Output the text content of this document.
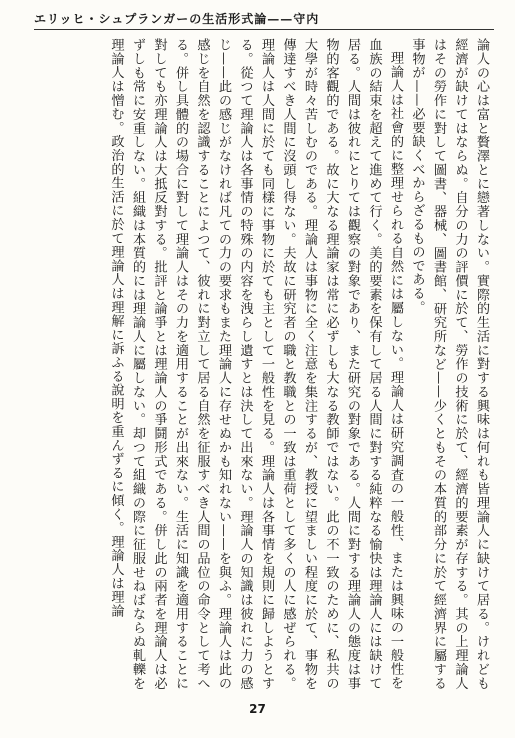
エリッヒ・シュプランガーの生活形式論——守内

論人の心は富と贅澤とに戀著しない。實際的生活に對する興味は何れも皆理論人に缺けて居る。けれども經濟が缺けてはならぬ。自分の力の評價に於て、勞作の技術に於て、經濟的要素が存する。其の上理論人はその勞作に對して圖書、器械、圖書館、研究所など——少くともその本質的部分に於て經濟界に屬する事物が——必要缺くべからざるものである。

理論人は社會的に整理せられる自然には屬しない。理論人は研究調査の一般性、または興味の一般性を血族の結束を超えて進めて行く。美的要素を保有して居る人間に對する純粹なる愉快は理論人には缺けて居る。人間は彼れにとりては觀察の對象であり、また研究の對象である。人間に對する理論人の態度は事物的客觀的である。故に大なる理論家は常に必ずしも大なる教師ではない。此の不一致のために、私共の大學が時々苦しむのである。理論人は事物に全く注意を集注するが、教授に望ましい程度に於て、事物を傳達すべき人間に沒頭し得ない。夫故に研究者の職と教職との一致は重荷として多くの人に感ぜられる。理論人は人間に於ても同樣に事物に於ても主として一般性を見る。理論人は各事情を規則に歸しようとする。從つて理論人は各事情の特殊の内容を洩らし遺すとは決して出來ない。理論人の知識は彼れに力の感じ——此の感じがなければ凡ての力の要求もまた理論人に存せぬかも知れない——を與ふ。理論人は此の感じを自然を認識することによつて、彼れに對立して居る自然を征服すべき人間の品位の命令として考へる。併し具體的の場合に對して理論人はその力を適用することが出來ない。生活に知識を適用することに對しても亦理論人は大抵反對する。批評と論爭とは理論人の爭鬪形式である。併し此の兩者を理論人は必ずしも常に安重しない。組織は本質的には理論人に屬しない。却つて組織の際に征服せねばならぬ軋轢を理論人は憎む。政治的生活に於て理論人は理解に訴ふる說明を重んずるに傾く。理論人は理論

27
